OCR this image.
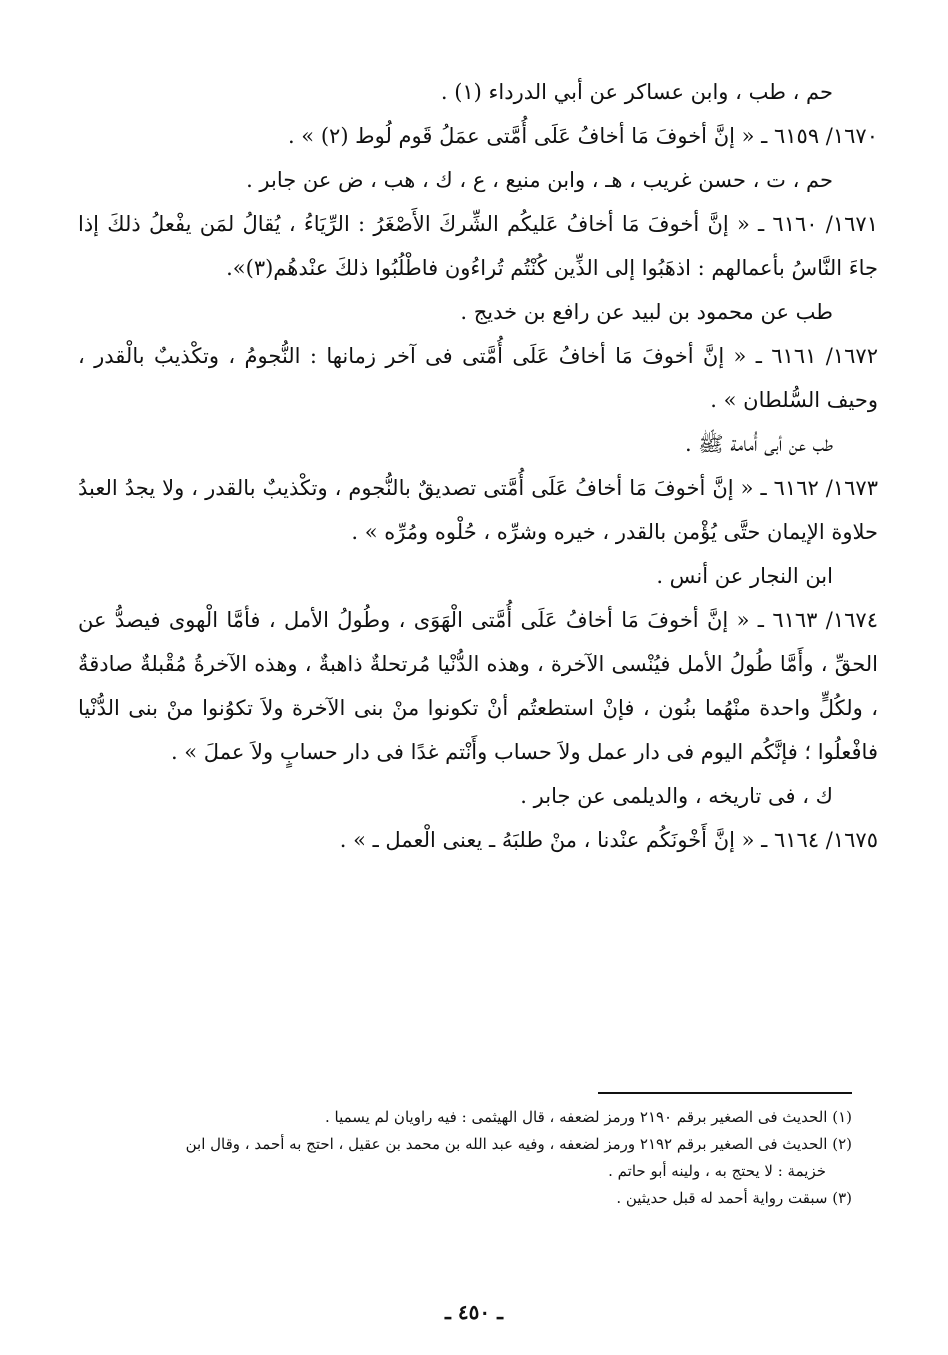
حم ، طب ، وابن عساكر عن أبي الدرداء (١) .

١٦٧٠/ ٦١٥٩ ـ « إنَّ أخوفَ مَا أخافُ عَلَى أُمَّتى عمَلُ قَوم لُوط (٢) » .

حم ، ت ، حسن غريب ، هـ ، وابن منيع ، ع ، ك ، هب ، ض عن جابر .

١٦٧١/ ٦١٦٠ ـ « إنَّ أخوفَ مَا أخافُ عَليكُم الشِّركَ الأَصْغَرُ : الرِّيَاءُ ، يُقالُ لمَن يفْعلُ ذلكَ إذا جاءَ النَّاسُ بأعمالهم : اذهَبُوا إلى الذِّين كُنْتُم تُراءُون فاطْلُبُوا ذلكَ عنْدهُم(٣)».

طب عن محمود بن لبيد عن رافع بن خديج .

١٦٧٢/ ٦١٦١ ـ « إنَّ أخوفَ مَا أخافُ عَلَى أُمَّتى فى آخر زمانها : النُّجومُ ، وتكْذيبٌ بالْقدر ، وحيف السُّلطان » .

طب عن أبى أُمامة ﷺ .

١٦٧٣/ ٦١٦٢ ـ « إنَّ أخوفَ مَا أخافُ عَلَى أُمَّتى تصديقٌ بالنُّجوم ، وتكْذيبٌ بالقدر ، ولا يجدُ العبدُ حلاوة الإيمان حتَّى يُؤْمن بالقدر ، خيره وشرِّه ، حُلْوه ومُرِّه » .

ابن النجار عن أنس .

١٦٧٤/ ٦١٦٣ ـ « إنَّ أخوفَ مَا أخافُ عَلَى أُمَّتى الْهَوَى ، وطُولُ الأمل ، فأمَّا الْهوى فيصدُّ عن الحقِّ ، وأَمَّا طُولُ الأمل فيُنْسى الآخرة ، وهذه الدُّنْيا مُرتحلةٌ ذاهبةٌ ، وهذه الآخرةُ مُقْبلةٌ صادقةٌ ، ولكُلٍّ واحدة منْهُما بنُون ، فإنْ استطعتُم أنْ تكونوا منْ بنى الآخرة ولاَ تكوُنوا منْ بنى الدُّنْيا فافْعلُوا ؛ فإنَّكُم اليوم فى دار عمل ولاَ حساب وأَنْتم غدًا فى دار حسابٍ ولاَ عملَ » .

ك ، فى تاريخه ، والديلمى عن جابر .

١٦٧٥/ ٦١٦٤ ـ « إنَّ أَخْونَكُم عنْدنا ، منْ طلبَهُ ـ يعنى الْعمل ـ » .

(١) الحديث فى الصغير برقم ٢١٩٠ ورمز لضعفه ، قال الهيثمى : فيه راويان لم يسميا .

(٢) الحديث فى الصغير برقم ٢١٩٢ ورمز لضعفه ، وفيه عبد الله بن محمد بن عقيل ، احتج به أحمد ، وقال ابن

خزيمة : لا يحتج به ، ولينه أبو حاتم .

(٣) سبقت رواية أحمد له قبل حديثين .

ـ ٤٥٠ ـ
